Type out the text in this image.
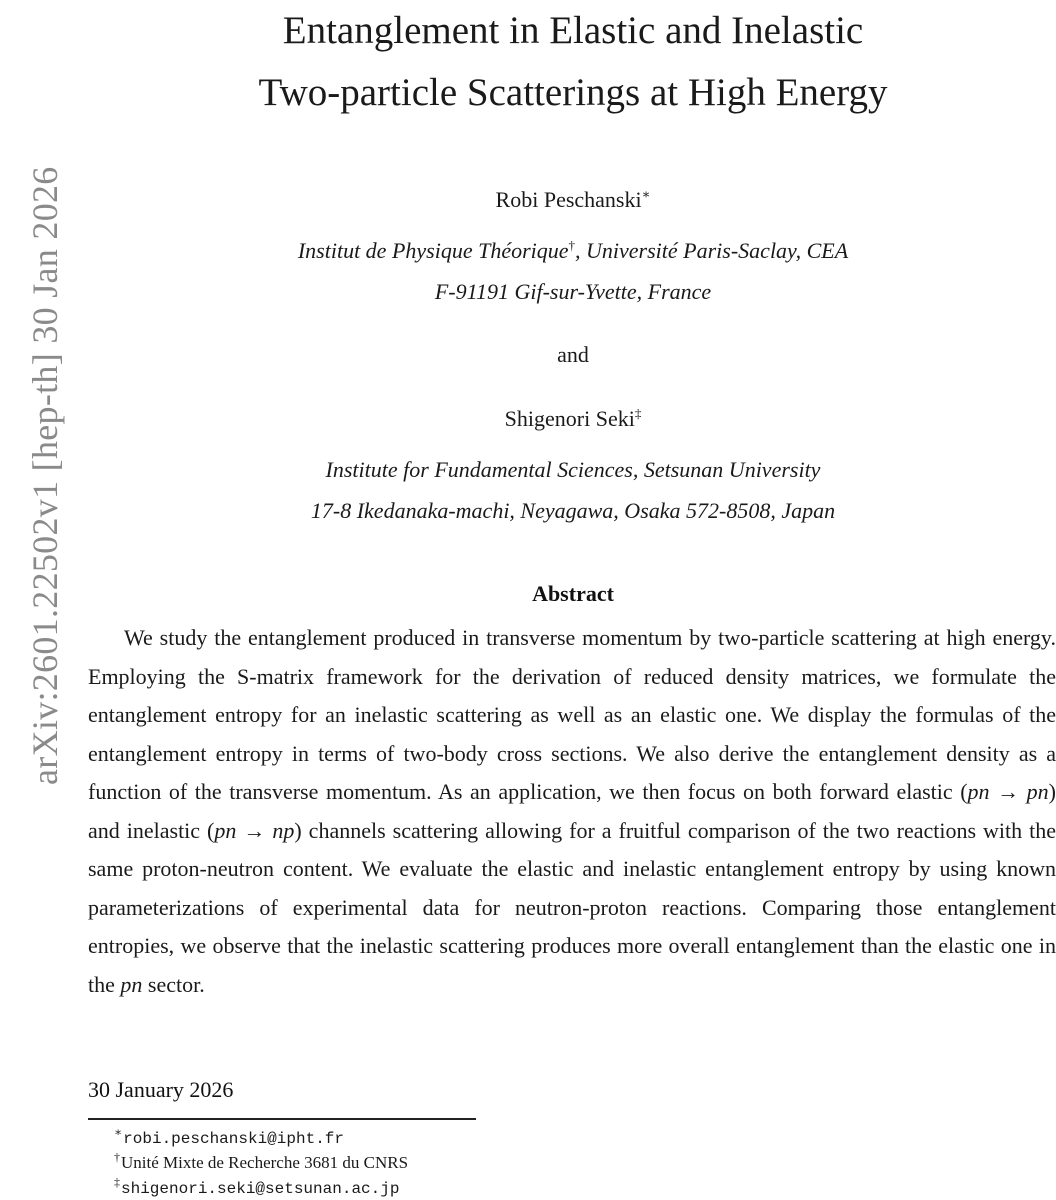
arXiv:2601.22502v1 [hep-th] 30 Jan 2026
Entanglement in Elastic and Inelastic
Two-particle Scatterings at High Energy
Robi Peschanski∗
Institut de Physique Théorique†, Université Paris-Saclay, CEA
F-91191 Gif-sur-Yvette, France
and
Shigenori Seki‡
Institute for Fundamental Sciences, Setsunan University
17-8 Ikedanaka-machi, Neyagawa, Osaka 572-8508, Japan
Abstract
We study the entanglement produced in transverse momentum by two-particle scattering at high energy. Employing the S-matrix framework for the derivation of reduced density matrices, we formulate the entanglement entropy for an inelastic scattering as well as an elastic one. We display the formulas of the entanglement entropy in terms of two-body cross sections. We also derive the entanglement density as a function of the transverse momentum. As an application, we then focus on both forward elastic (pn → pn) and inelastic (pn → np) channels scattering allowing for a fruitful comparison of the two reactions with the same proton-neutron content. We evaluate the elastic and inelastic entanglement entropy by using known parameterizations of experimental data for neutron-proton reactions. Comparing those entanglement entropies, we observe that the inelastic scattering produces more overall entanglement than the elastic one in the pn sector.
30 January 2026
∗robi.peschanski@ipht.fr
†Unité Mixte de Recherche 3681 du CNRS
‡shigenori.seki@setsunan.ac.jp
